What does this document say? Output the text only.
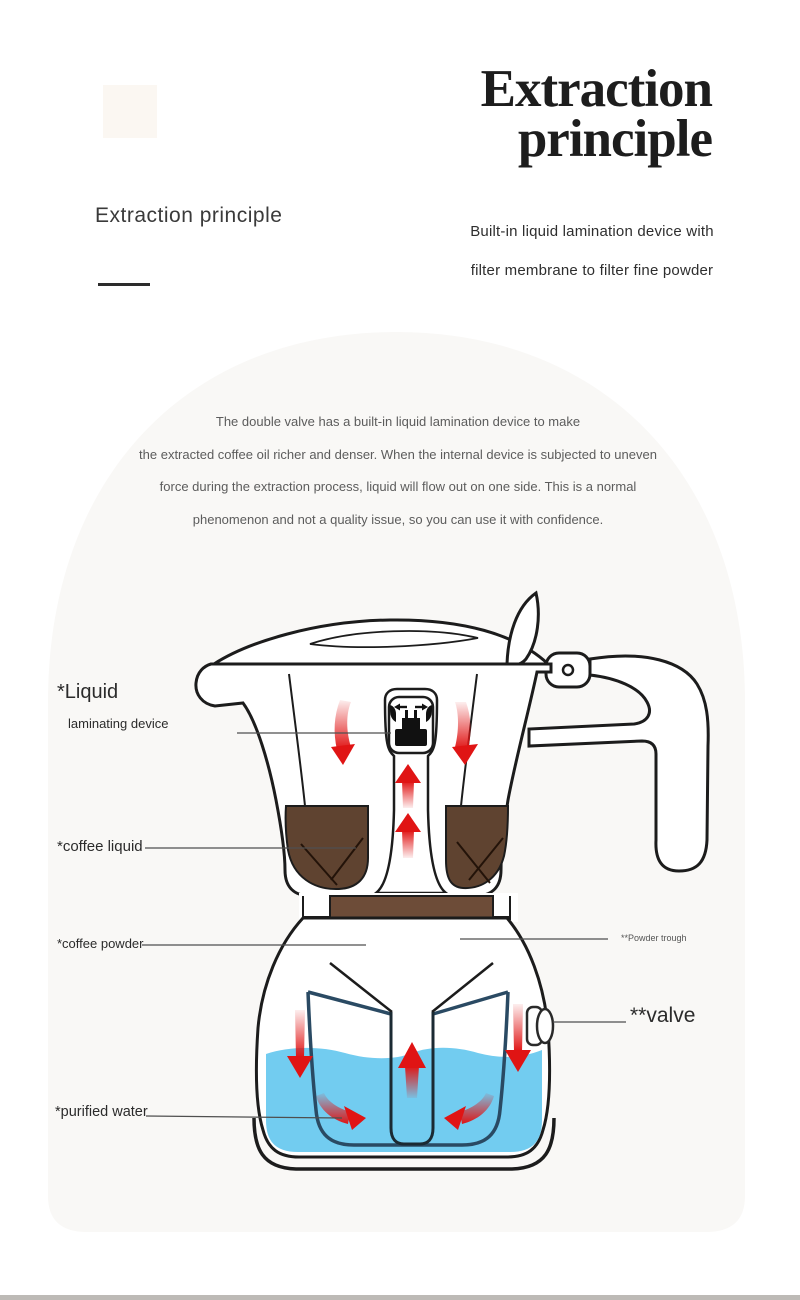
Extraction principle
Extraction
principle
Built-in liquid lamination device with
filter membrane to filter fine powder
The double valve has a built-in liquid lamination device to make
the extracted coffee oil richer and denser. When the internal device is subjected to uneven
force during the extraction process, liquid will flow out on one side. This is a normal
phenomenon and not a quality issue, so you can use it with confidence.
*Liquid
laminating device
*coffee liquid
*coffee powder	**Powder trough
**valve
*purified water
